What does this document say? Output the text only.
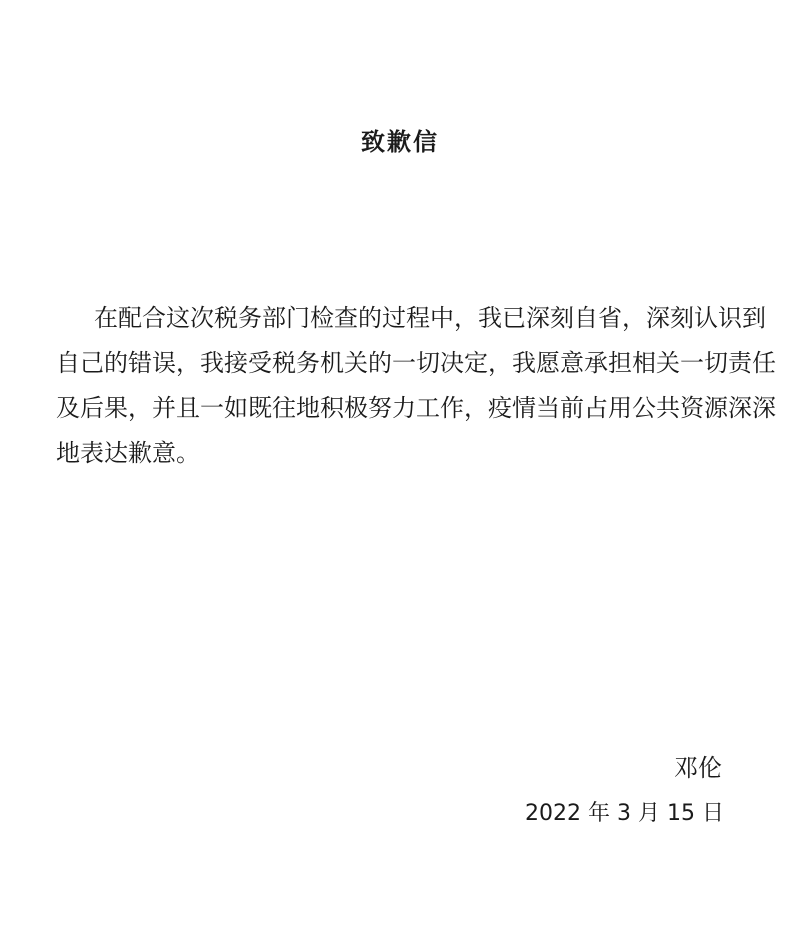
致歉信
在配合这次税务部门检查的过程中，我已深刻自省，深刻认识到
自己的错误，我接受税务机关的一切决定，我愿意承担相关一切责任
及后果，并且一如既往地积极努力工作，疫情当前占用公共资源深深
地表达歉意。
邓伦
2022 年 3 月 15 日
